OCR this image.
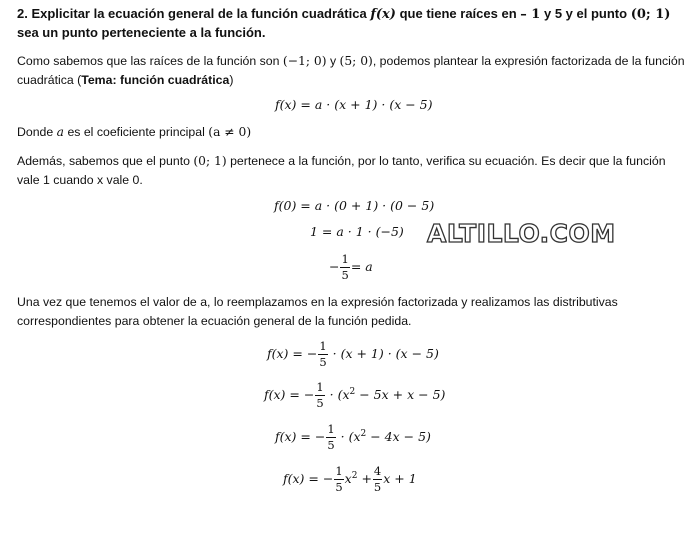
2. Explicitar la ecuación general de la función cuadrática f(x) que tiene raíces en – 1 y 5 y el punto (0; 1) sea un punto perteneciente a la función.
Como sabemos que las raíces de la función son (−1; 0) y (5; 0), podemos plantear la expresión factorizada de la función cuadrática (Tema: función cuadrática)
f(x) = a · (x + 1) · (x − 5)
Donde a es el coeficiente principal (a ≠ 0)
Además, sabemos que el punto (0; 1) pertenece a la función, por lo tanto, verifica su ecuación. Es decir que la función vale 1 cuando x vale 0.
f(0) = a · (0 + 1) · (0 − 5)
1 = a · 1 · (−5) ALTILLO.COM
− $\frac{1}{5} = a$
Una vez que tenemos el valor de a, lo reemplazamos en la expresión factorizada y realizamos las distributivas correspondientes para obtener la ecuación general de la función pedida.
f(x) = − $\frac{1}{5} \cdot (x + 1) \cdot (x - 5)$
f(x) = − $\frac{1}{5} \cdot (x^2 - 5x + x - 5)$
f(x) = − $\frac{1}{5} \cdot (x^2 - 4x - 5)$
f(x) = − $\frac{1}{5} x^2 + \frac{4}{5}$ x + 1
